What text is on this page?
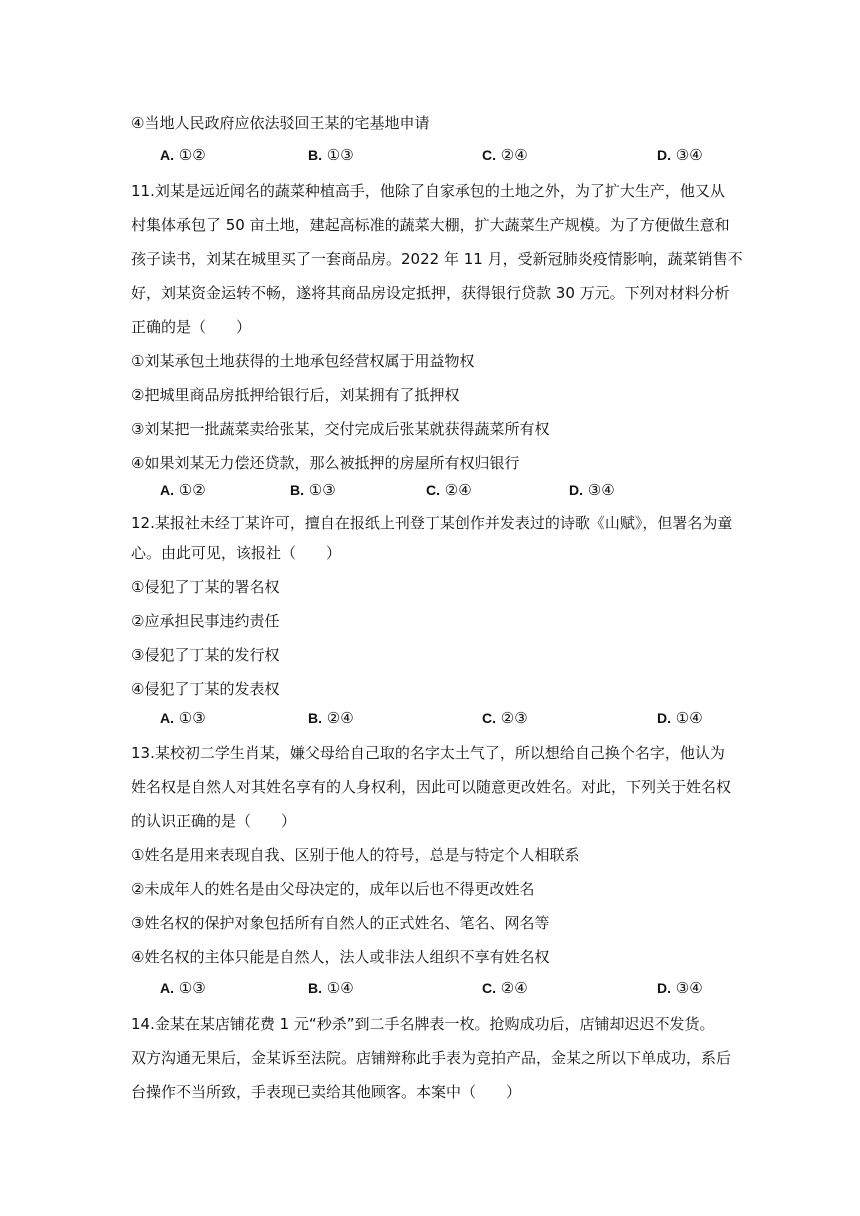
④当地人民政府应依法驳回王某的宅基地申请
A. ①②	B. ①③	C. ②④	D. ③④
11.刘某是远近闻名的蔬菜种植高手，他除了自家承包的土地之外，为了扩大生产，他又从
村集体承包了 50 亩土地，建起高标准的蔬菜大棚，扩大蔬菜生产规模。为了方便做生意和
孩子读书，刘某在城里买了一套商品房。2022 年 11 月，受新冠肺炎疫情影响，蔬菜销售不
好，刘某资金运转不畅，遂将其商品房设定抵押，获得银行贷款 30 万元。下列对材料分析
正确的是（　　）
①刘某承包土地获得的土地承包经营权属于用益物权
②把城里商品房抵押给银行后，刘某拥有了抵押权
③刘某把一批蔬菜卖给张某，交付完成后张某就获得蔬菜所有权
④如果刘某无力偿还贷款，那么被抵押的房屋所有权归银行
A. ①②	B. ①③	C. ②④	D. ③④
12.某报社未经丁某许可，擅自在报纸上刊登丁某创作并发表过的诗歌《山赋》，但署名为童
心。由此可见，该报社（　　）
①侵犯了丁某的署名权
②应承担民事违约责任
③侵犯了丁某的发行权
④侵犯了丁某的发表权
A. ①③	B. ②④	C. ②③	D. ①④
13.某校初二学生肖某，嫌父母给自己取的名字太土气了，所以想给自己换个名字，他认为
姓名权是自然人对其姓名享有的人身权利，因此可以随意更改姓名。对此，下列关于姓名权
的认识正确的是（　　）
①姓名是用来表现自我、区别于他人的符号，总是与特定个人相联系
②未成年人的姓名是由父母决定的，成年以后也不得更改姓名
③姓名权的保护对象包括所有自然人的正式姓名、笔名、网名等
④姓名权的主体只能是自然人，法人或非法人组织不享有姓名权
A. ①③	B. ①④	C. ②④	D. ③④
14.金某在某店铺花费 1 元“秒杀”到二手名牌表一枚。抢购成功后，店铺却迟迟不发货。
双方沟通无果后，金某诉至法院。店铺辩称此手表为竞拍产品，金某之所以下单成功，系后
台操作不当所致，手表现已卖给其他顾客。本案中（　　）
